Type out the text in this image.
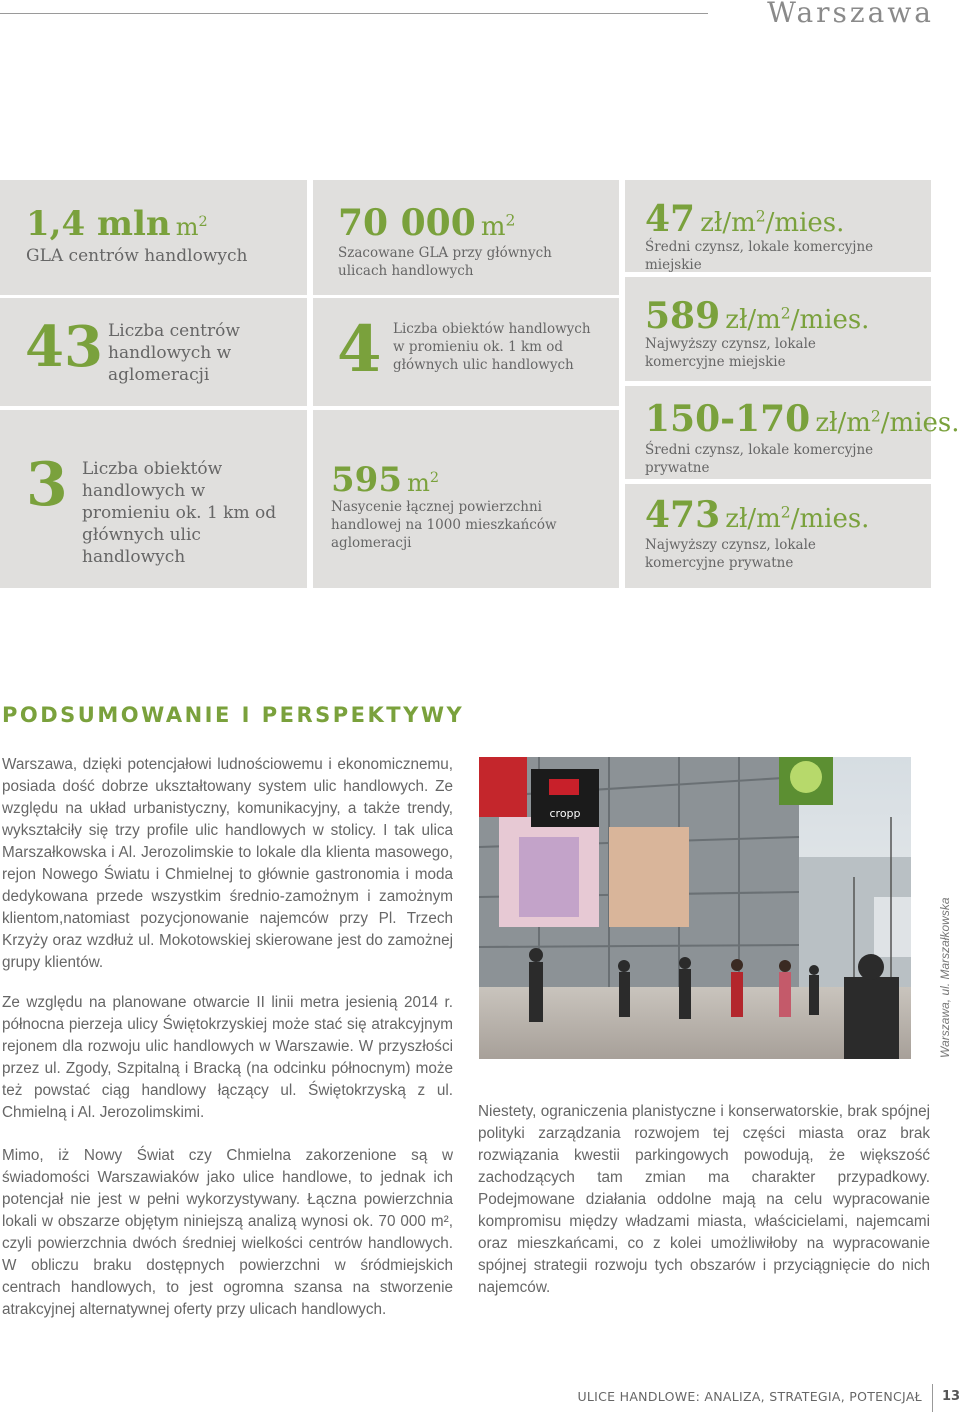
Warszawa
1,4 mln $m^2$
GLA centrów handlowych
43 Liczba centrów handlowych w aglomeracji
3 Liczba obiektów handlowych w promieniu ok. 1 km od głównych ulic handlowych
70 000 $m^2$
Szacowane GLA przy głównych ulicach handlowych
4 Liczba obiektów handlowych w promieniu ok. 1 km od głównych ulic handlowych
595 $m^2$
Nasycenie łącznej powierzchni handlowej na 1000 mieszkańców aglomeracji
47 $zł/m^2$/mies.
Średni czynsz, lokale komercyjne miejskie
589 $zł/m^2$/mies.
Najwyższy czynsz, lokale komercyjne miejskie
150-170 $zł/m^2$/mies.
Średni czynsz, lokale komercyjne prywatne
473 $zł/m^2$/mies.
Najwyższy czynsz, lokale komercyjne prywatne
PODSUMOWANIE I PERSPEKTYWY

Warszawa, dzięki potencjałowi ludnościowemu i ekonomicznemu, posiada dość dobrze ukształtowany system ulic handlowych. Ze względu na układ urbanistyczny, komunikacyjny, a także trendy, wykształciły się trzy profile ulic handlowych w stolicy. I tak ulica Marszałkowska i Al. Jerozolimskie to lokale dla klienta masowego, rejon Nowego Światu i Chmielnej to głównie gastronomia i moda dedykowana przede wszystkim średnio-zamożnym i zamożnym klientom,natomiast pozycjonowanie najemców przy Pl. Trzech Krzyży oraz wzdłuż ul. Mokotowskiej skierowane jest do zamożnej grupy klientów.

Ze względu na planowane otwarcie II linii metra jesienią 2014 r. północna pierzeja ulicy Świętokrzyskiej może stać się atrakcyjnym rejonem dla rozwoju ulic handlowych w Warszawie. W przyszłości przez ul. Zgody, Szpitalną i Bracką (na odcinku północnym) może też powstać ciąg handlowy łączący ul. Świętokrzyską z ul. Chmielną i Al. Jerozolimskimi.

Mimo, iż Nowy Świat czy Chmielna zakorzenione są w świadomości Warszawiaków jako ulice handlowe, to jednak ich potencjał nie jest w pełni wykorzystywany. Łączna powierzchnia lokali w obszarze objętym niniejszą analizą wynosi ok. 70 000 m², czyli powierzchnia dwóch średniej wielkości centrów handlowych. W obliczu braku dostępnych powierzchni w śródmiejskich centrach handlowych, to jest ogromna szansa na stworzenie atrakcyjnej alternatywnej oferty przy ulicach handlowych.

Niestety, ograniczenia planistyczne i konserwatorskie, brak spójnej polityki zarządzania rozwojem tej części miasta oraz brak rozwiązania kwestii parkingowych powodują, że większość zachodzących tam zmian ma charakter przypadkowy. Podejmowane działania oddolne mają na celu wypracowanie kompromisu między władzami miasta, właścicielami, najemcami oraz mieszkańcami, co z kolei umożliwiłoby na wypracowanie spójnej strategii rozwoju tych obszarów i przyciągnięcie do nich najemców.

cropp
Warszawa, ul. Marszałkowska
ULICE HANDLOWE: ANALIZA, STRATEGIA, POTENCJAŁ 13
